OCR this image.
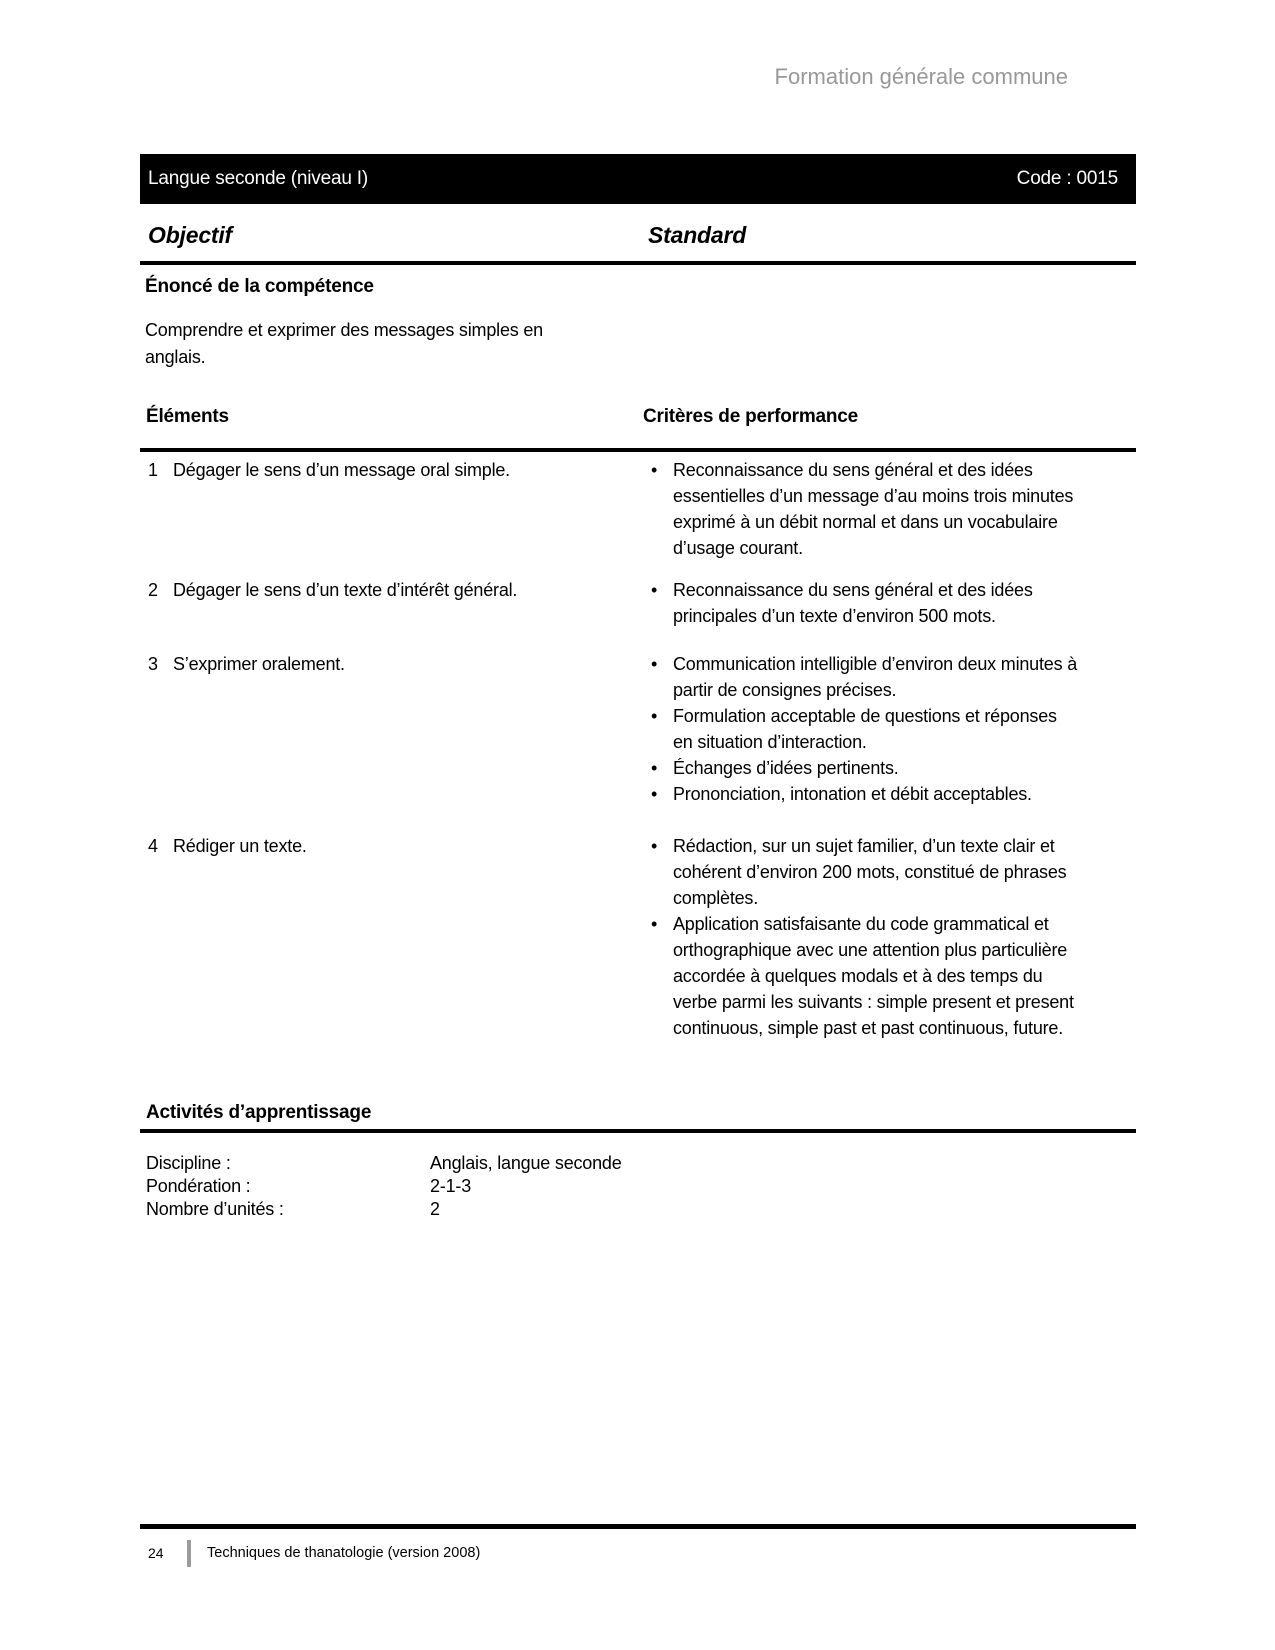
Formation générale commune
Langue seconde (niveau I)	Code : 0015
Objectif	Standard
Énoncé de la compétence
Comprendre et exprimer des messages simples en anglais.
Éléments	Critères de performance
1 Dégager le sens d’un message oral simple.	• Reconnaissance du sens général et des idées essentielles d’un message d’au moins trois minutes exprimé à un débit normal et dans un vocabulaire d’usage courant.
2 Dégager le sens d’un texte d’intérêt général.	• Reconnaissance du sens général et des idées principales d’un texte d’environ 500 mots.
3 S’exprimer oralement.	• Communication intelligible d’environ deux minutes à partir de consignes précises.
• Formulation acceptable de questions et réponses en situation d’interaction.
• Échanges d’idées pertinents.
• Prononciation, intonation et débit acceptables.
4 Rédiger un texte.	• Rédaction, sur un sujet familier, d’un texte clair et cohérent d’environ 200 mots, constitué de phrases complètes.
• Application satisfaisante du code grammatical et orthographique avec une attention plus particulière accordée à quelques modals et à des temps du verbe parmi les suivants : simple present et present continuous, simple past et past continuous, future.
Activités d’apprentissage
Discipline :	Anglais, langue seconde
Pondération :	2-1-3
Nombre d’unités :	2
24	Techniques de thanatologie (version 2008)
